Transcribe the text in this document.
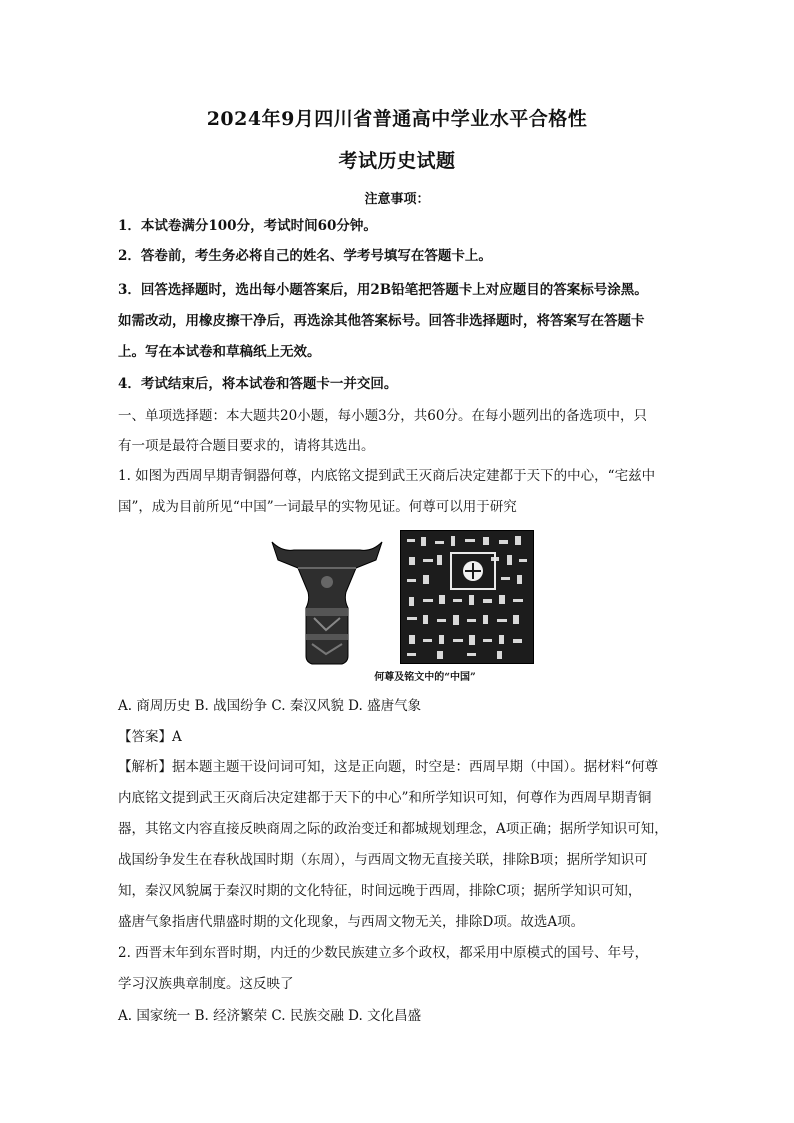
2024年9月四川省普通高中学业水平合格性
考试历史试题
注意事项：
1．本试卷满分100分，考试时间60分钟。
2．答卷前，考生务必将自己的姓名、学考号填写在答题卡上。
3．回答选择题时，选出每小题答案后，用2B铅笔把答题卡上对应题目的答案标号涂黑。
如需改动，用橡皮擦干净后，再选涂其他答案标号。回答非选择题时，将答案写在答题卡
上。写在本试卷和草稿纸上无效。
4．考试结束后，将本试卷和答题卡一并交回。
一、单项选择题：本大题共20小题，每小题3分，共60分。在每小题列出的备选项中，只
有一项是最符合题目要求的，请将其选出。
1. 如图为西周早期青铜器何尊，内底铭文提到武王灭商后决定建都于天下的中心，“宅兹中
国”，成为目前所见“中国”一词最早的实物见证。何尊可以用于研究
何尊及铭文中的“中国”
A. 商周历史 B. 战国纷争 C. 秦汉风貌 D. 盛唐气象
【答案】A
【解析】据本题主题干设问词可知，这是正向题，时空是：西周早期（中国）。据材料“何尊
内底铭文提到武王灭商后决定建都于天下的中心”和所学知识可知，何尊作为西周早期青铜
器，其铭文内容直接反映商周之际的政治变迁和都城规划理念，A项正确；据所学知识可知，
战国纷争发生在春秋战国时期（东周），与西周文物无直接关联，排除B项；据所学知识可
知，秦汉风貌属于秦汉时期的文化特征，时间远晚于西周，排除C项；据所学知识可知，
盛唐气象指唐代鼎盛时期的文化现象，与西周文物无关，排除D项。故选A项。
2. 西晋末年到东晋时期，内迁的少数民族建立多个政权，都采用中原模式的国号、年号，
学习汉族典章制度。这反映了
A. 国家统一 B. 经济繁荣 C. 民族交融 D. 文化昌盛
